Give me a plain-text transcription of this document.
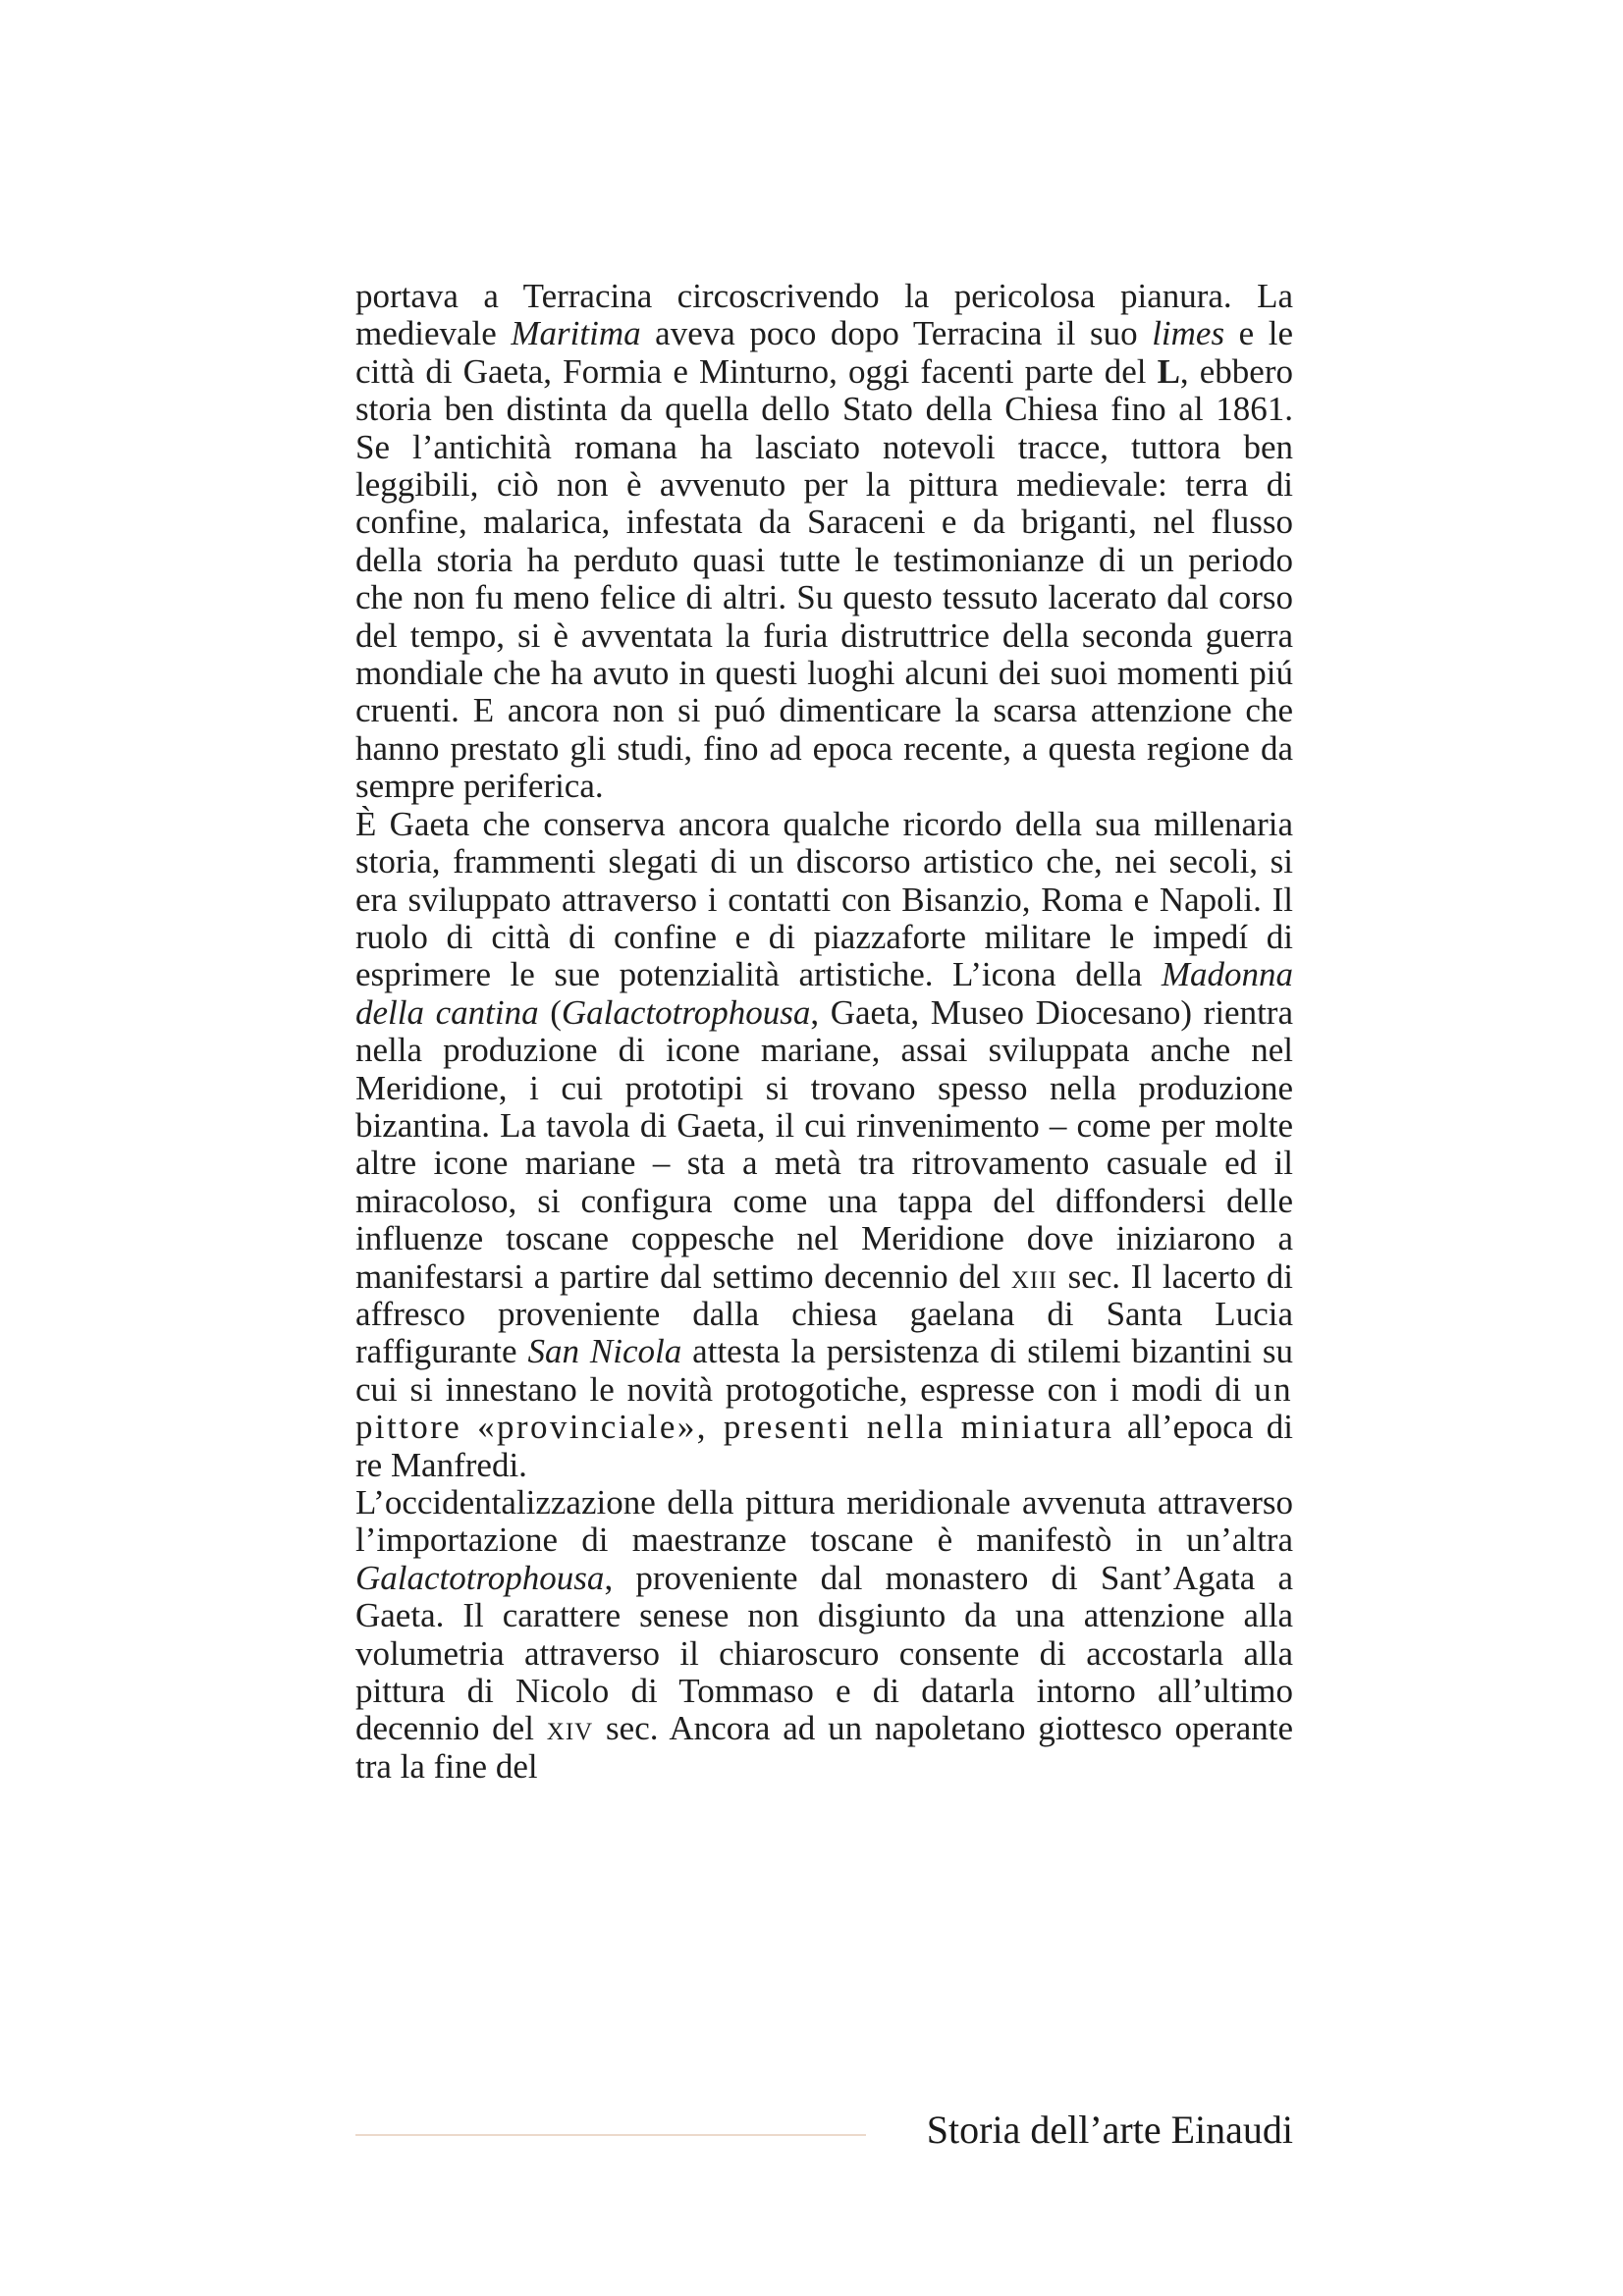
portava a Terracina circoscrivendo la pericolosa pianura. La medievale Maritima aveva poco dopo Terracina il suo limes e le città di Gaeta, Formia e Minturno, oggi facenti parte del L, ebbero storia ben distinta da quella dello Stato della Chiesa fino al 1861. Se l’antichità romana ha lasciato notevoli tracce, tuttora ben leggibili, ciò non è avvenuto per la pittura medievale: terra di confine, malarica, infestata da Saraceni e da briganti, nel flusso della storia ha perduto quasi tutte le testimonianze di un periodo che non fu meno felice di altri. Su questo tessuto lacerato dal corso del tempo, si è avventata la furia distruttrice della seconda guerra mondiale che ha avuto in questi luoghi alcuni dei suoi momenti piú cruenti. E ancora non si puó dimenticare la scarsa attenzione che hanno prestato gli studi, fino ad epoca recente, a questa regione da sempre periferica.

È Gaeta che conserva ancora qualche ricordo della sua millenaria storia, frammenti slegati di un discorso artistico che, nei secoli, si era sviluppato attraverso i contatti con Bisanzio, Roma e Napoli. Il ruolo di città di confine e di piazzaforte militare le impedí di esprimere le sue potenzialità artistiche. L’icona della Madonna della cantina (Galactotrophousa, Gaeta, Museo Diocesano) rientra nella produzione di icone mariane, assai sviluppata anche nel Meridione, i cui prototipi si trovano spesso nella produzione bizantina. La tavola di Gaeta, il cui rinvenimento – come per molte altre icone mariane – sta a metà tra ritrovamento casuale ed il miracoloso, si configura come una tappa del diffondersi delle influenze toscane coppesche nel Meridione dove iniziarono a manifestarsi a partire dal settimo decennio del xiii sec. Il lacerto di affresco proveniente dalla chiesa gaelana di Santa Lucia raffigurante San Nicola attesta la persistenza di stilemi bizantini su cui si innestano le novità protogotiche, espresse con i modi di un pittore «provinciale», presenti nella miniatura all’epoca di re Manfredi.

L’occidentalizzazione della pittura meridionale avvenuta attraverso l’importazione di maestranze toscane è manifestò in un’altra Galactotrophousa, proveniente dal monastero di Sant’Agata a Gaeta. Il carattere senese non disgiunto da una attenzione alla volumetria attraverso il chiaroscuro consente di accostarla alla pittura di Nicolo di Tommaso e di datarla intorno all’ultimo decennio del xiv sec. Ancora ad un napoletano giottesco operante tra la fine del

Storia dell’arte Einaudi
